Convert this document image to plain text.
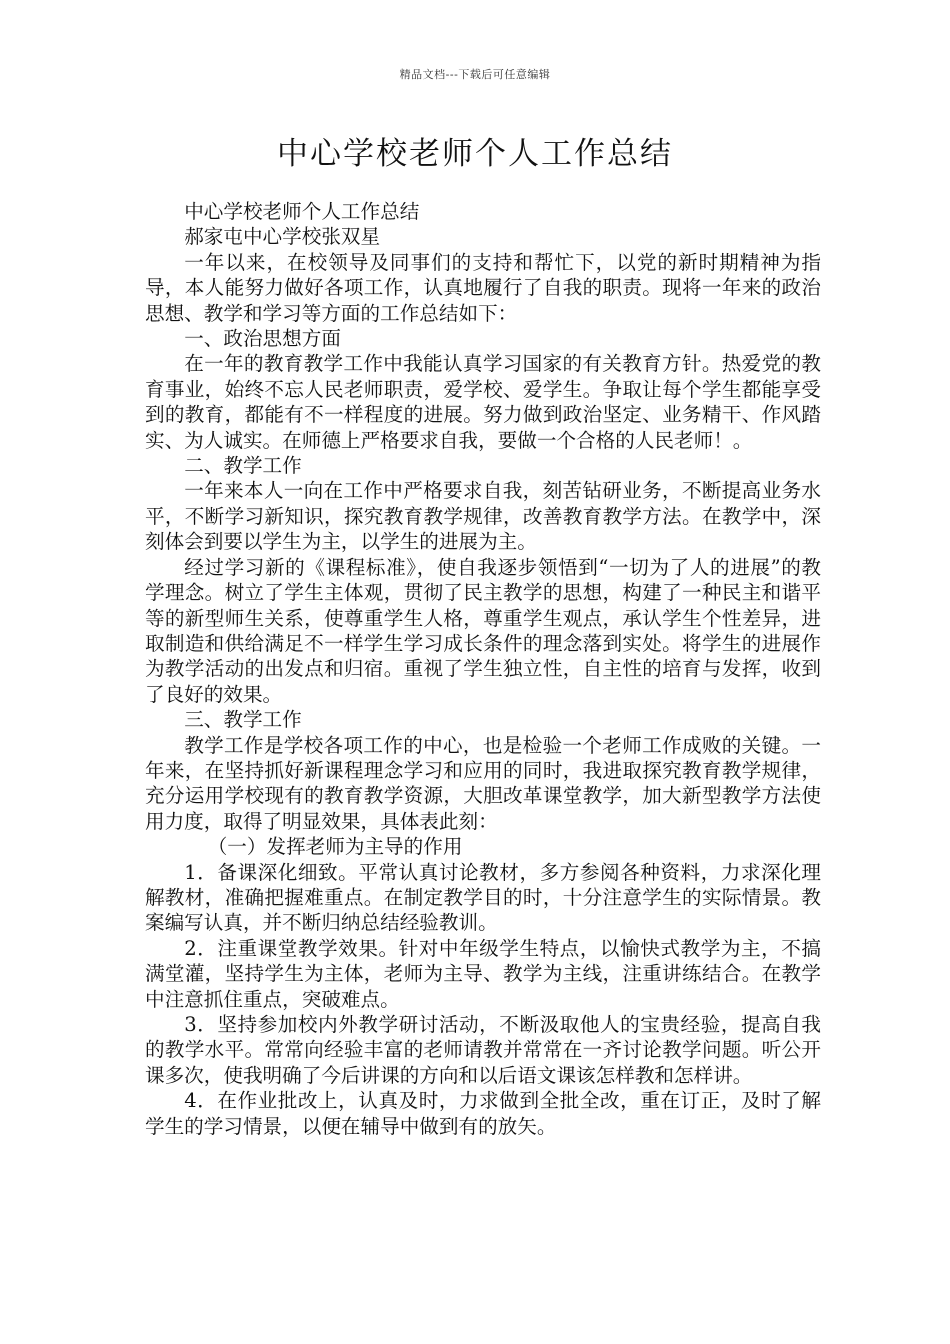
精品文档---下载后可任意编辑
中心学校老师个人工作总结

中心学校老师个人工作总结

郝家屯中心学校张双星

一年以来，在校领导及同事们的支持和帮忙下，以党的新时期精神为指导，本人能努力做好各项工作，认真地履行了自我的职责。现将一年来的政治思想、教学和学习等方面的工作总结如下：

一、政治思想方面

在一年的教育教学工作中我能认真学习国家的有关教育方针。热爱党的教育事业，始终不忘人民老师职责，爱学校、爱学生。争取让每个学生都能享受到的教育，都能有不一样程度的进展。努力做到政治坚定、业务精干、作风踏实、为人诚实。在师德上严格要求自我，要做一个合格的人民老师！。

二、教学工作

一年来本人一向在工作中严格要求自我，刻苦钻研业务，不断提高业务水平，不断学习新知识，探究教育教学规律，改善教育教学方法。在教学中，深刻体会到要以学生为主，以学生的进展为主。

经过学习新的《课程标准》，使自我逐步领悟到“一切为了人的进展”的教学理念。树立了学生主体观，贯彻了民主教学的思想，构建了一种民主和谐平等的新型师生关系，使尊重学生人格，尊重学生观点，承认学生个性差异，进取制造和供给满足不一样学生学习成长条件的理念落到实处。将学生的进展作为教学活动的出发点和归宿。重视了学生独立性，自主性的培育与发挥，收到了良好的效果。

三、教学工作

教学工作是学校各项工作的中心，也是检验一个老师工作成败的关键。一年来，在坚持抓好新课程理念学习和应用的同时，我进取探究教育教学规律，充分运用学校现有的教育教学资源，大胆改革课堂教学，加大新型教学方法使用力度，取得了明显效果，具体表此刻：

（一）发挥老师为主导的作用

1．备课深化细致。平常认真讨论教材，多方参阅各种资料，力求深化理解教材，准确把握难重点。在制定教学目的时，十分注意学生的实际情景。教案编写认真，并不断归纳总结经验教训。

2．注重课堂教学效果。针对中年级学生特点，以愉快式教学为主，不搞满堂灌，坚持学生为主体，老师为主导、教学为主线，注重讲练结合。在教学中注意抓住重点，突破难点。

3．坚持参加校内外教学研讨活动，不断汲取他人的宝贵经验，提高自我的教学水平。常常向经验丰富的老师请教并常常在一齐讨论教学问题。听公开课多次，使我明确了今后讲课的方向和以后语文课该怎样教和怎样讲。

4．在作业批改上，认真及时，力求做到全批全改，重在订正，及时了解学生的学习情景，以便在辅导中做到有的放矢。
